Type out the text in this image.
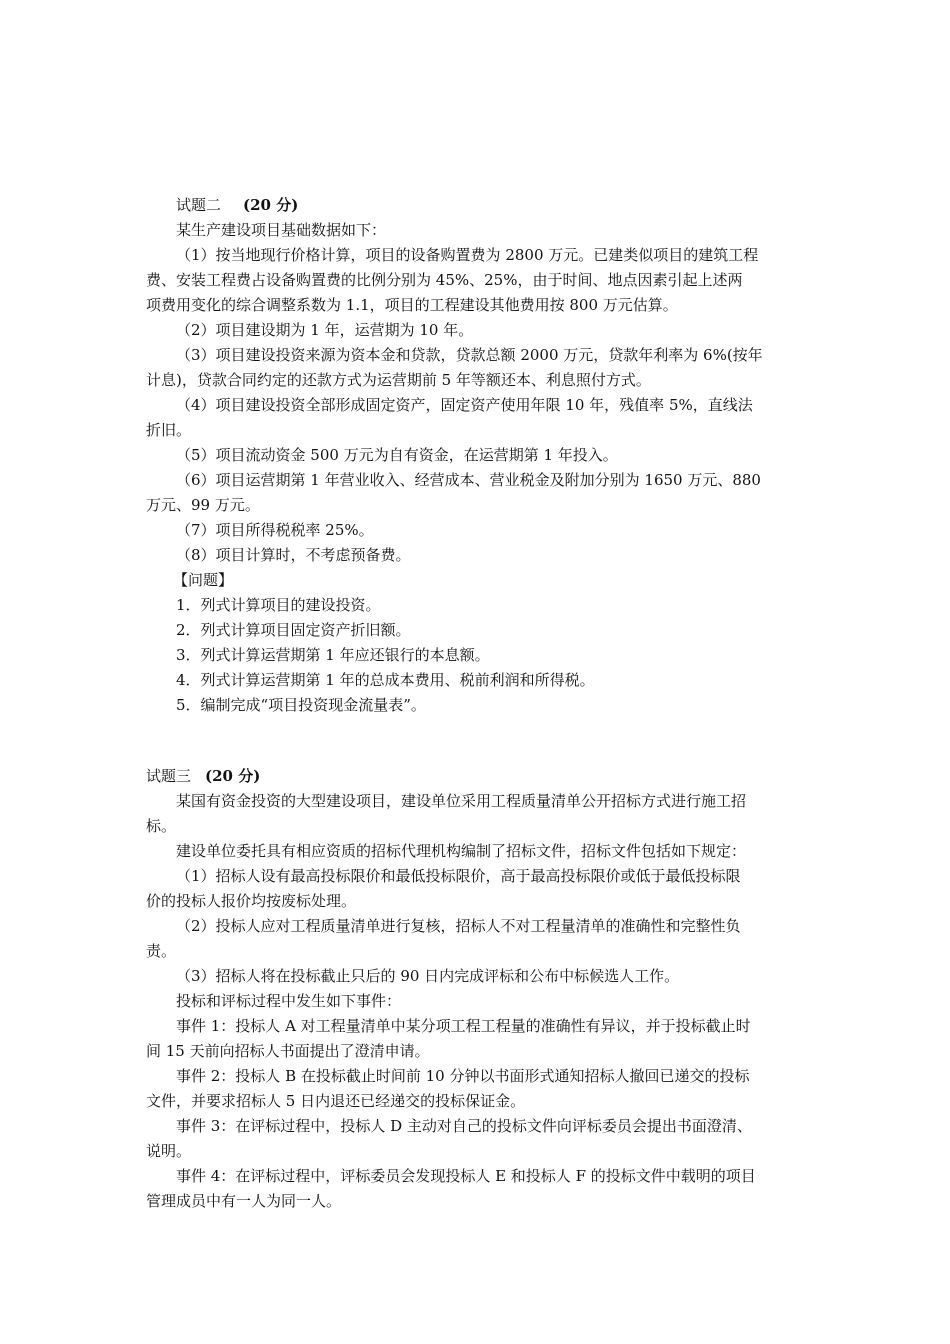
试题二 (20 分)
某生产建设项目基础数据如下：
（1）按当地现行价格计算，项目的设备购置费为 2800 万元。已建类似项目的建筑工程
费、安装工程费占设备购置费的比例分别为 45%、25%，由于时间、地点因素引起上述两
项费用变化的综合调整系数为 1.1，项目的工程建设其他费用按 800 万元估算。
（2）项目建设期为 1 年，运营期为 10 年。
（3）项目建设投资来源为资本金和贷款，贷款总额 2000 万元，贷款年利率为 6%(按年
计息)，贷款合同约定的还款方式为运营期前 5 年等额还本、利息照付方式。
（4）项目建设投资全部形成固定资产，固定资产使用年限 10 年，残值率 5%，直线法
折旧。
（5）项目流动资金 500 万元为自有资金，在运营期第 1 年投入。
（6）项目运营期第 1 年营业收入、经营成本、营业税金及附加分别为 1650 万元、880
万元、99 万元。
（7）项目所得税税率 25%。
（8）项目计算时，不考虑预备费。
【问题】
1．列式计算项目的建设投资。
2．列式计算项目固定资产折旧额。
3．列式计算运营期第 1 年应还银行的本息额。
4．列式计算运营期第 1 年的总成本费用、税前利润和所得税。
5．编制完成“项目投资现金流量表”。
试题三 (20 分)
某国有资金投资的大型建设项目，建设单位采用工程质量清单公开招标方式进行施工招
标。
建设单位委托具有相应资质的招标代理机构编制了招标文件，招标文件包括如下规定：
（1）招标人设有最高投标限价和最低投标限价，高于最高投标限价或低于最低投标限
价的投标人报价均按废标处理。
（2）投标人应对工程质量清单进行复核，招标人不对工程量清单的准确性和完整性负
责。
（3）招标人将在投标截止只后的 90 日内完成评标和公布中标候选人工作。
投标和评标过程中发生如下事件：
事件 1：投标人 A 对工程量清单中某分项工程工程量的准确性有异议，并于投标截止时
间 15 天前向招标人书面提出了澄清申请。
事件 2：投标人 B 在投标截止时间前 10 分钟以书面形式通知招标人撤回已递交的投标
文件，并要求招标人 5 日内退还已经递交的投标保证金。
事件 3：在评标过程中，投标人 D 主动对自己的投标文件向评标委员会提出书面澄清、
说明。
事件 4：在评标过程中，评标委员会发现投标人 E 和投标人 F 的投标文件中载明的项目
管理成员中有一人为同一人。
